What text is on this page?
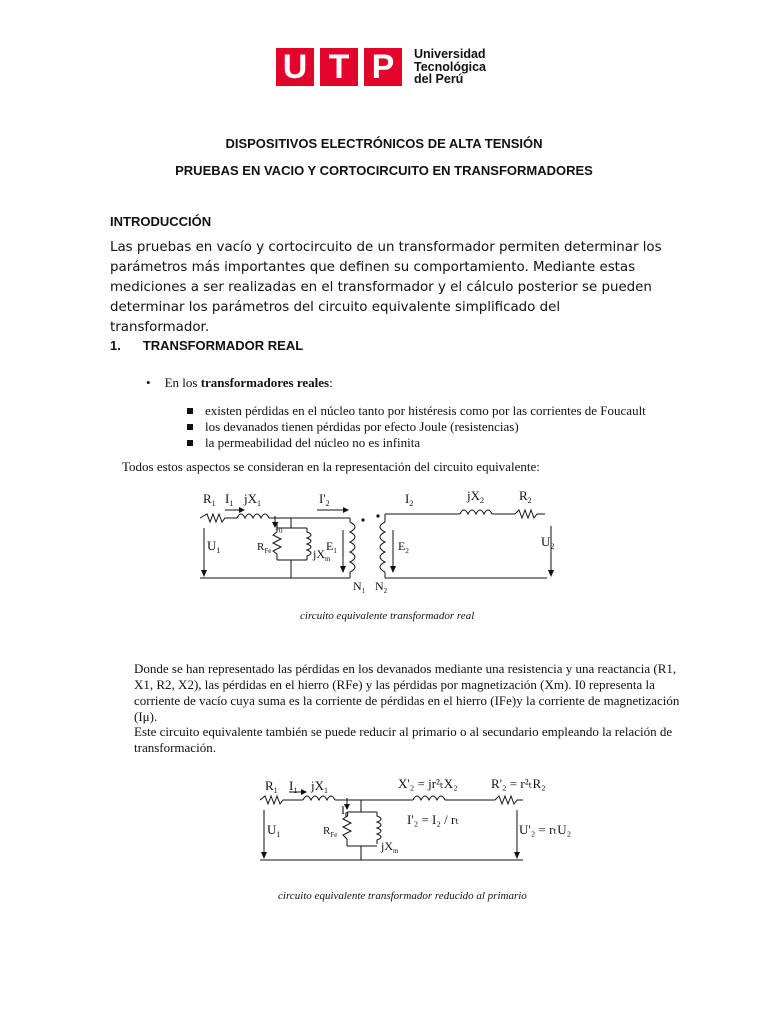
U T P	Universidad
Tecnológica
del Perú
DISPOSITIVOS ELECTRÓNICOS DE ALTA TENSIÓN
PRUEBAS EN VACIO Y CORTOCIRCUITO EN TRANSFORMADORES
INTRODUCCIÓN
Las pruebas en vacío y cortocircuito de un transformador permiten determinar los parámetros más importantes que definen su comportamiento. Mediante estas mediciones a ser realizadas en el transformador y el cálculo posterior se pueden determinar los parámetros del circuito equivalente simplificado del transformador.
1. TRANSFORMADOR REAL
• En los transformadores reales:
existen pérdidas en el núcleo tanto por histéresis como por las corrientes de Foucault
los devanados tienen pérdidas por efecto Joule (resistencias)
la permeabilidad del núcleo no es infinita
Todos estos aspectos se consideran en la representación del circuito equivalente:
$R_1$ $I_1$ $jX_1$	$I'_2$
$I_0$
$R_{Fe}$	$jX_m$
$E_1$
$U_1$
$N_1$ $N_2$
$I_2$
$E_2$
$jX_2$	$R_2$
$U_2$
circuito equivalente transformador real
Donde se han representado las pérdidas en los devanados mediante una resistencia y una reactancia (R1, X1, R2, X2), las pérdidas en el hierro (RFe) y las pérdidas por magnetización (Xm). I0 representa la corriente de vacío cuya suma es la corriente de pérdidas en el hierro (IFe)y la corriente de magnetización (Iμ).
Este circuito equivalente también se puede reducir al primario o al secundario empleando la relación de transformación.
$R_1$ $I_1$ $jX_1$	X'₂ = jr²ₜX₂	R'₂ = r²ₜR₂
$I_0$
$R_{Fe}$
$jX_m$
I'₂ = I₂ / rₜ
$U_1$	U'₂ = rₜU₂
circuito equivalente transformador reducido al primario
